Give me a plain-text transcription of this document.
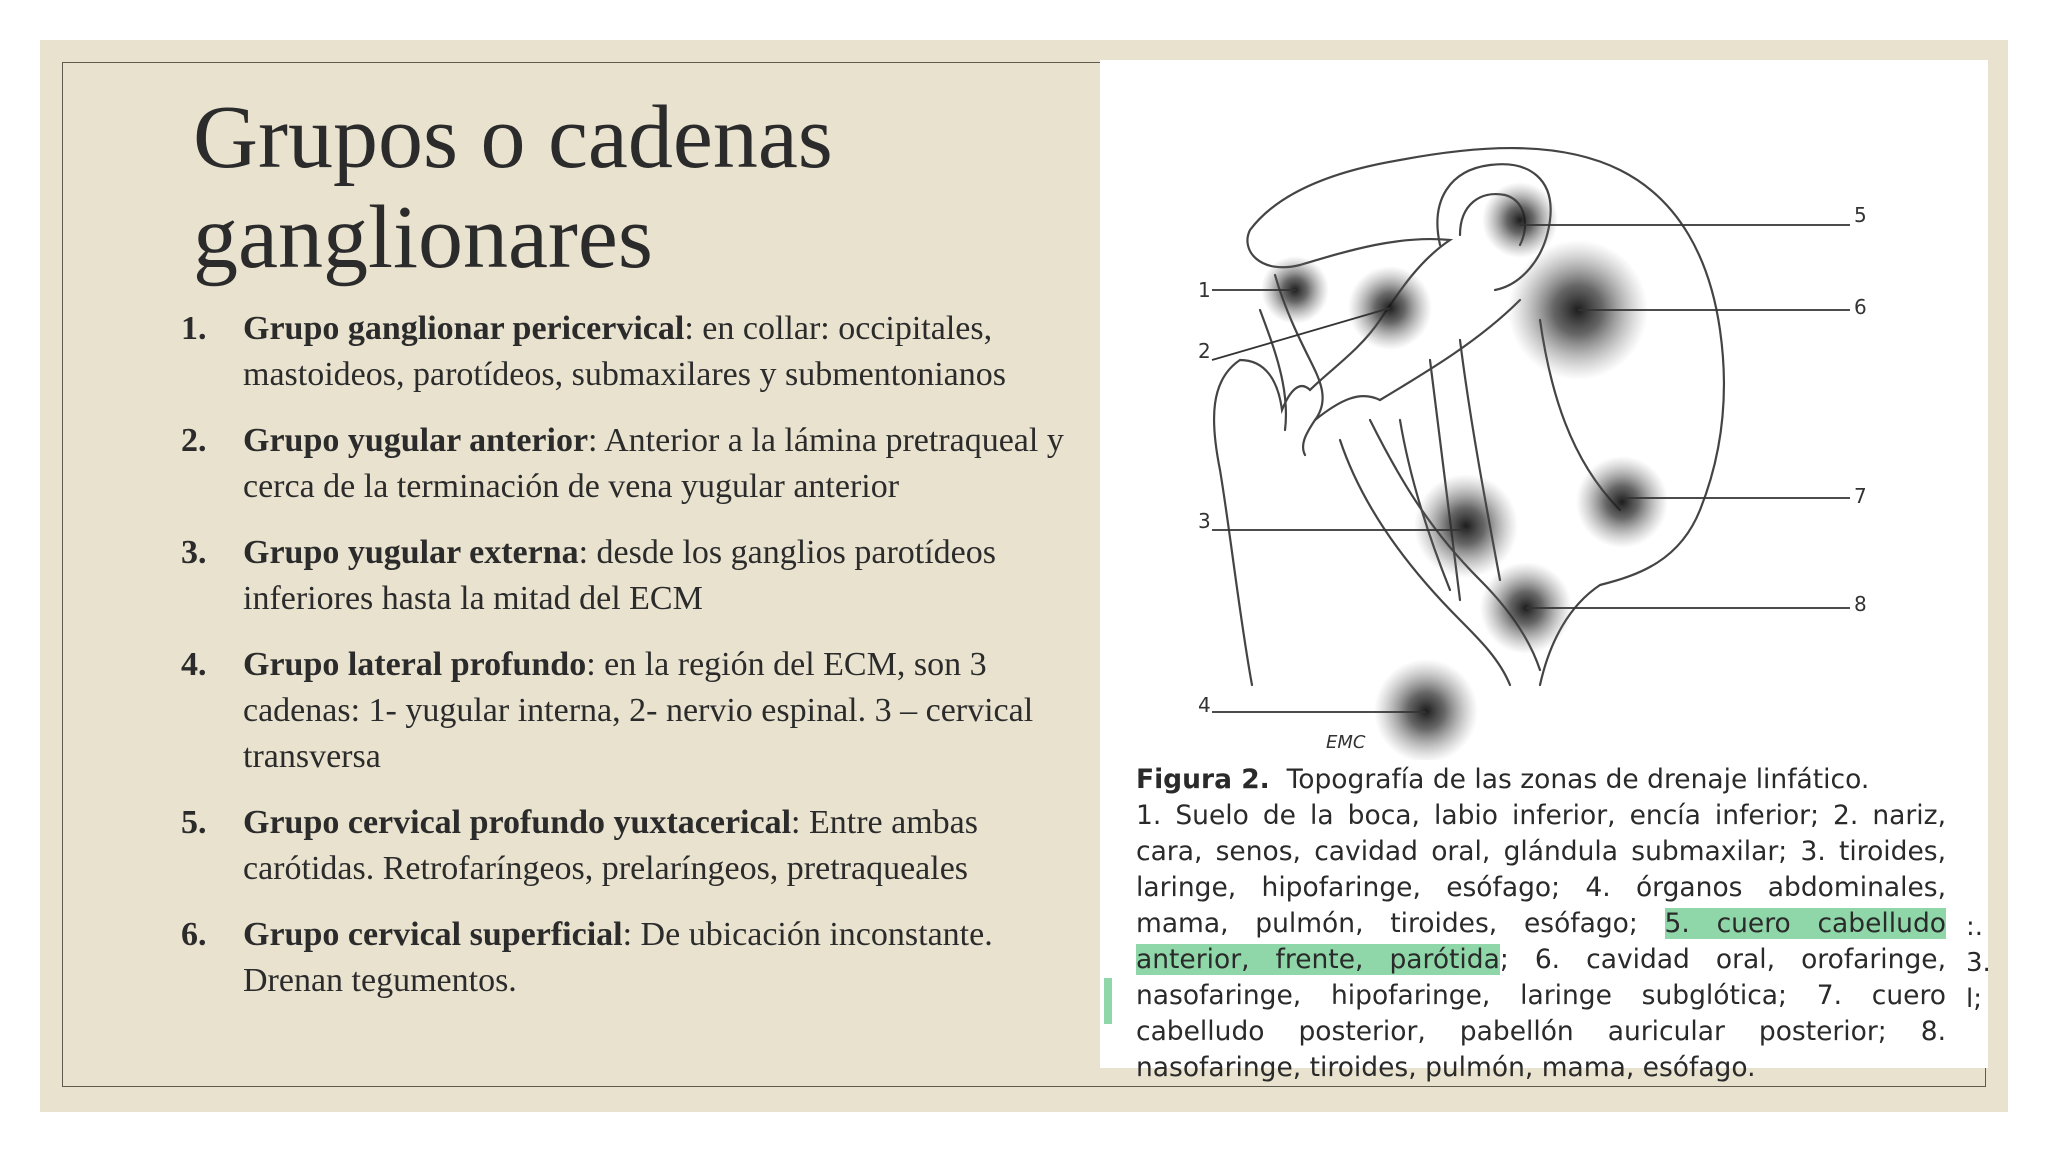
Grupos o cadenas ganglionares
1.	Grupo ganglionar pericervical: en collar: occipitales, mastoideos, parotídeos, submaxilares y submentonianos
2.	Grupo yugular anterior: Anterior a la lámina pretraqueal y cerca de la terminación de vena yugular anterior
3.	Grupo yugular externa: desde los ganglios parotídeos inferiores hasta la mitad del ECM
4.	Grupo lateral profundo: en la región del ECM, son 3 cadenas: 1- yugular interna, 2- nervio espinal. 3 – cervical transversa
5.	Grupo cervical profundo yuxtacerical: Entre ambas carótidas. Retrofaríngeos, prelaríngeos, pretraqueales
6.	Grupo cervical superficial: De ubicación inconstante. Drenan tegumentos.
1
2
3
4
5
6
7
8
EMC
Figura 2. Topografía de las zonas de drenaje linfático.
1. Suelo de la boca, labio inferior, encía inferior; 2. nariz, cara, senos, cavidad oral, glándula submaxilar; 3. tiroides, laringe, hipofaringe, esófago; 4. órganos abdominales, mama, pulmón, tiroides, esófago; 5. cuero cabelludo anterior, frente, parótida; 6. cavidad oral, orofaringe, nasofaringe, hipofaringe, laringe subglótica; 7. cuero cabelludo posterior, pabellón auricular posterior; 8. nasofaringe, tiroides, pulmón, mama, esófago.
:.
3.
l;
